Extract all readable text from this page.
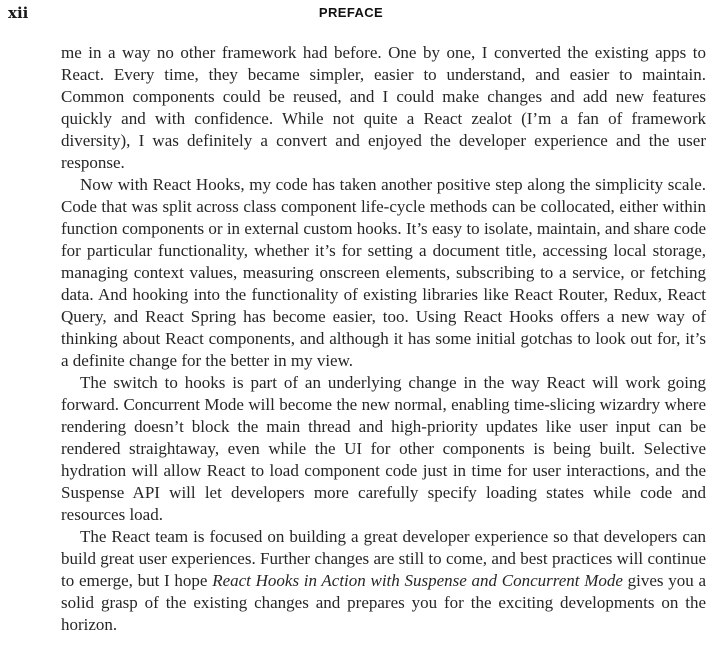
xii	PREFACE

me in a way no other framework had before. One by one, I converted the existing apps to React. Every time, they became simpler, easier to understand, and easier to maintain. Common components could be reused, and I could make changes and add new features quickly and with confidence. While not quite a React zealot (I’m a fan of framework diversity), I was definitely a convert and enjoyed the developer experience and the user response.

Now with React Hooks, my code has taken another positive step along the simplicity scale. Code that was split across class component life-cycle methods can be collocated, either within function components or in external custom hooks. It’s easy to isolate, maintain, and share code for particular functionality, whether it’s for setting a document title, accessing local storage, managing context values, measuring onscreen elements, subscribing to a service, or fetching data. And hooking into the functionality of existing libraries like React Router, Redux, React Query, and React Spring has become easier, too. Using React Hooks offers a new way of thinking about React components, and although it has some initial gotchas to look out for, it’s a definite change for the better in my view.

The switch to hooks is part of an underlying change in the way React will work going forward. Concurrent Mode will become the new normal, enabling time-slicing wizardry where rendering doesn’t block the main thread and high-priority updates like user input can be rendered straightaway, even while the UI for other components is being built. Selective hydration will allow React to load component code just in time for user interactions, and the Suspense API will let developers more carefully specify loading states while code and resources load.

The React team is focused on building a great developer experience so that developers can build great user experiences. Further changes are still to come, and best practices will continue to emerge, but I hope React Hooks in Action with Suspense and Concurrent Mode gives you a solid grasp of the existing changes and prepares you for the exciting developments on the horizon.
